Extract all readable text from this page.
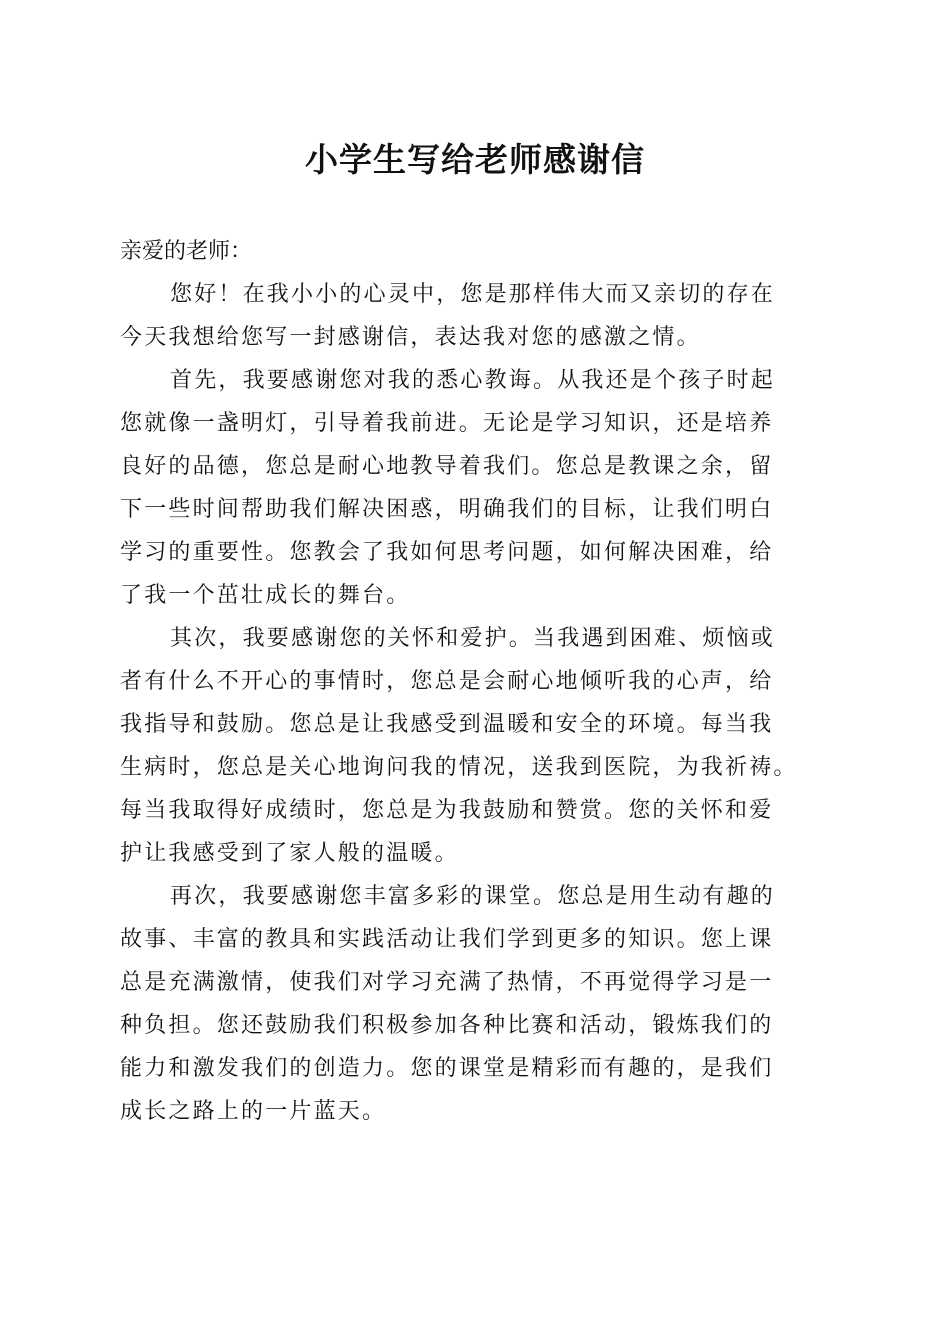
小学生写给老师感谢信

亲爱的老师：

您好！在我小小的心灵中，您是那样伟大而又亲切的存在

今天我想给您写一封感谢信，表达我对您的感激之情。

首先，我要感谢您对我的悉心教诲。从我还是个孩子时起

您就像一盏明灯，引导着我前进。无论是学习知识，还是培养

良好的品德，您总是耐心地教导着我们。您总是教课之余，留

下一些时间帮助我们解决困惑，明确我们的目标，让我们明白

学习的重要性。您教会了我如何思考问题，如何解决困难，给

了我一个茁壮成长的舞台。

其次，我要感谢您的关怀和爱护。当我遇到困难、烦恼或

者有什么不开心的事情时，您总是会耐心地倾听我的心声，给

我指导和鼓励。您总是让我感受到温暖和安全的环境。每当我

生病时，您总是关心地询问我的情况，送我到医院，为我祈祷。

每当我取得好成绩时，您总是为我鼓励和赞赏。您的关怀和爱

护让我感受到了家人般的温暖。

再次，我要感谢您丰富多彩的课堂。您总是用生动有趣的

故事、丰富的教具和实践活动让我们学到更多的知识。您上课

总是充满激情，使我们对学习充满了热情，不再觉得学习是一

种负担。您还鼓励我们积极参加各种比赛和活动，锻炼我们的

能力和激发我们的创造力。您的课堂是精彩而有趣的，是我们

成长之路上的一片蓝天。
